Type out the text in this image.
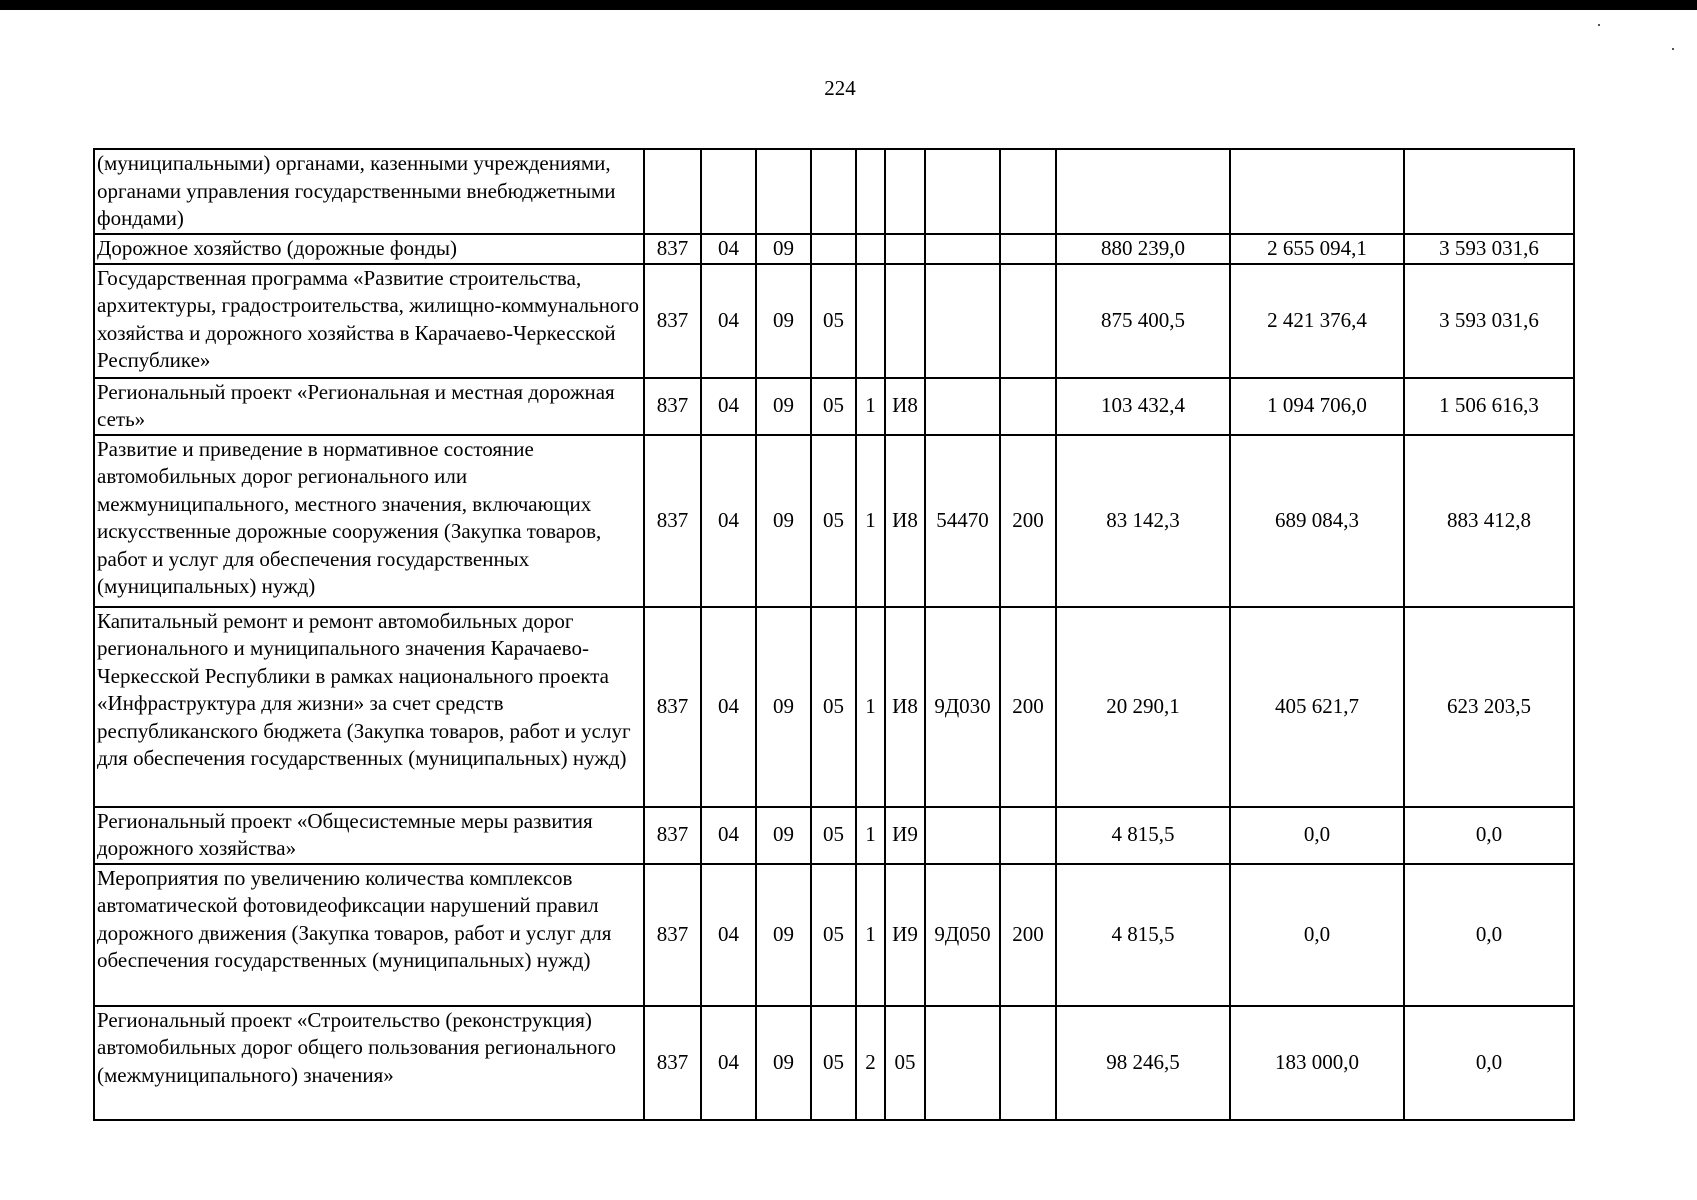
224
(муниципальными) органами, казенными учреждениями, органами управления государственными внебюджетными фондами)											
Дорожное хозяйство (дорожные фонды)	837	04	09						880 239,0	2 655 094,1	3 593 031,6
Государственная программа «Развитие строительства, архитектуры, градостроительства, жилищно-коммунального хозяйства и дорожного хозяйства в Карачаево-Черкесской Республике»	837	04	09	05					875 400,5	2 421 376,4	3 593 031,6
Региональный проект «Региональная и местная дорожная сеть»	837	04	09	05	1	И8			103 432,4	1 094 706,0	1 506 616,3
Развитие и приведение в нормативное состояние автомобильных дорог регионального или межмуниципального, местного значения, включающих искусственные дорожные сооружения (Закупка товаров, работ и услуг для обеспечения государственных (муниципальных) нужд)	837	04	09	05	1	И8	54470	200	83 142,3	689 084,3	883 412,8
Капитальный ремонт и ремонт автомобильных дорог регионального и муниципального значения Карачаево-Черкесской Республики в рамках национального проекта «Инфраструктура для жизни» за счет средств республиканского бюджета (Закупка товаров, работ и услуг для обеспечения государственных (муниципальных) нужд)	837	04	09	05	1	И8	9Д030	200	20 290,1	405 621,7	623 203,5
Региональный проект «Общесистемные меры развития дорожного хозяйства»	837	04	09	05	1	И9			4 815,5	0,0	0,0
Мероприятия по увеличению количества комплексов автоматической фотовидеофиксации нарушений правил дорожного движения (Закупка товаров, работ и услуг для обеспечения государственных (муниципальных) нужд)	837	04	09	05	1	И9	9Д050	200	4 815,5	0,0	0,0
Региональный проект «Строительство (реконструкция) автомобильных дорог общего пользования регионального (межмуниципального) значения»	837	04	09	05	2	05			98 246,5	183 000,0	0,0
